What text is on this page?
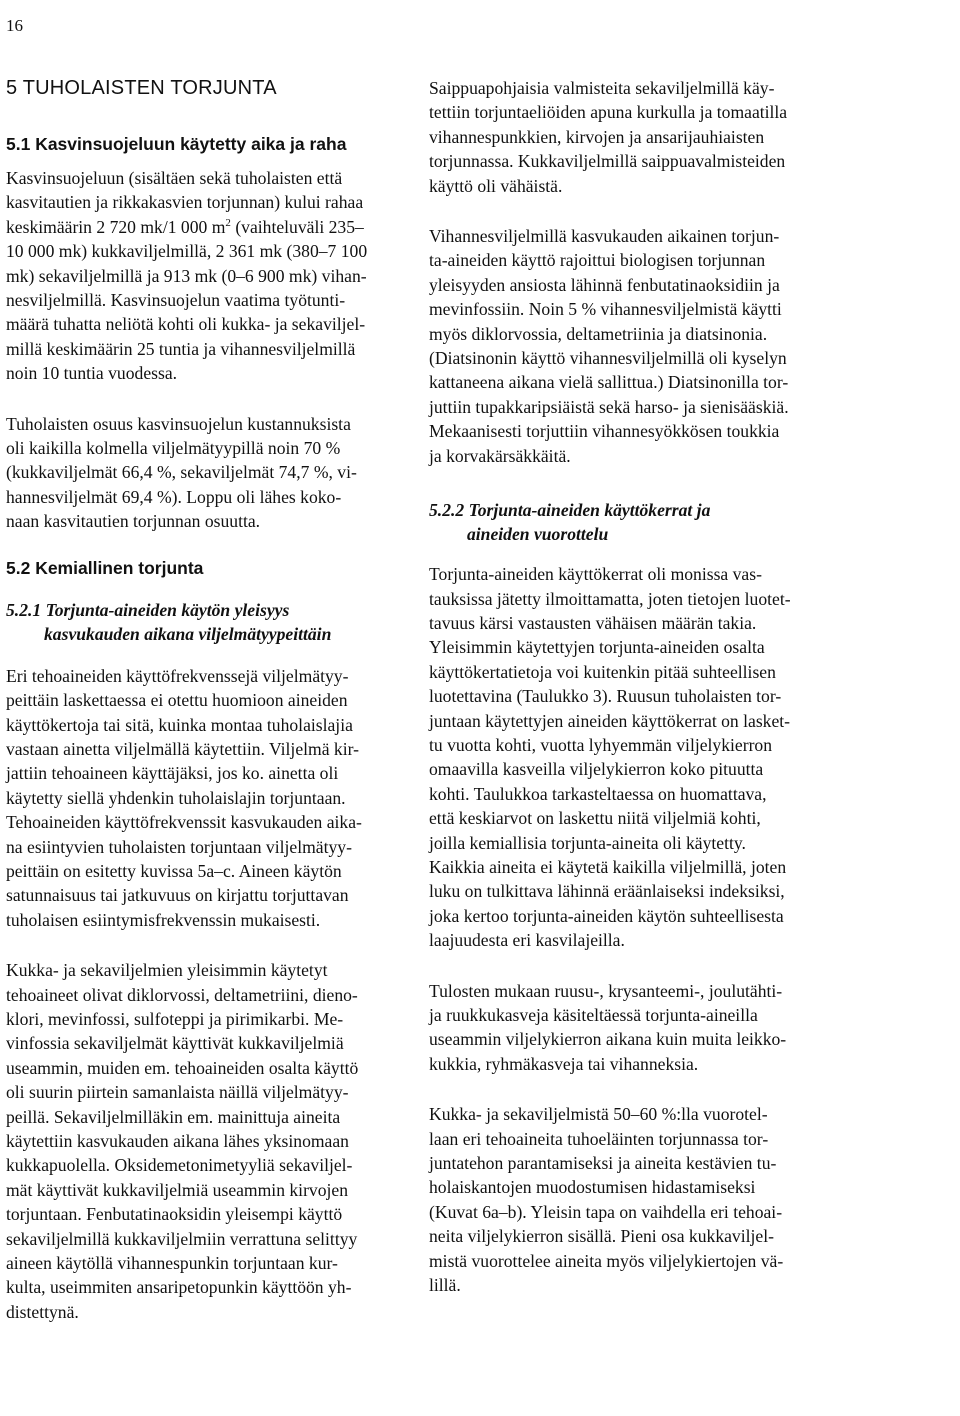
16
5 TUHOLAISTEN TORJUNTA
5.1 Kasvinsuojeluun käytetty aika ja raha
Kasvinsuojeluun (sisältäen sekä tuholaisten että
kasvitautien ja rikkakasvien torjunnan) kului rahaa
keskimäärin 2 720 mk/1 000 $m^2$ (vaihteluväli 235–
10 000 mk) kukkaviljelmillä, 2 361 mk (380–7 100
mk) sekaviljelmillä ja 913 mk (0–6 900 mk) vihan-
nesviljelmillä. Kasvinsuojelun vaatima työtunti-
määrä tuhatta neliötä kohti oli kukka- ja sekaviljel-
millä keskimäärin 25 tuntia ja vihannesviljelmillä
noin 10 tuntia vuodessa.
Tuholaisten osuus kasvinsuojelun kustannuksista
oli kaikilla kolmella viljelmätyypillä noin 70 %
(kukkaviljelmät 66,4 %, sekaviljelmät 74,7 %, vi-
hannesviljelmät 69,4 %). Loppu oli lähes koko-
naan kasvitautien torjunnan osuutta.
5.2 Kemiallinen torjunta
5.2.1 Torjunta-aineiden käytön yleisyys
kasvukauden aikana viljelmätyypeittäin
Eri tehoaineiden käyttöfrekvenssejä viljelmätyy-
peittäin laskettaessa ei otettu huomioon aineiden
käyttökertoja tai sitä, kuinka montaa tuholaislajia
vastaan ainetta viljelmällä käytettiin. Viljelmä kir-
jattiin tehoaineen käyttäjäksi, jos ko. ainetta oli
käytetty siellä yhdenkin tuholaislajin torjuntaan.
Tehoaineiden käyttöfrekvenssit kasvukauden aika-
na esiintyvien tuholaisten torjuntaan viljelmätyy-
peittäin on esitetty kuvissa 5a–c. Aineen käytön
satunnaisuus tai jatkuvuus on kirjattu torjuttavan
tuholaisen esiintymisfrekvenssin mukaisesti.
Kukka- ja sekaviljelmien yleisimmin käytetyt
tehoaineet olivat diklorvossi, deltametriini, dieno-
klori, mevinfossi, sulfoteppi ja pirimikarbi. Me-
vinfossia sekaviljelmät käyttivät kukkaviljelmiä
useammin, muiden em. tehoaineiden osalta käyttö
oli suurin piirtein samanlaista näillä viljelmätyy-
peillä. Sekaviljelmilläkin em. mainittuja aineita
käytettiin kasvukauden aikana lähes yksinomaan
kukkapuolella. Oksidemetonimetyyliä sekaviljel-
mät käyttivät kukkaviljelmiä useammin kirvojen
torjuntaan. Fenbutatinaoksidin yleisempi käyttö
sekaviljelmillä kukkaviljelmiin verrattuna selittyy
aineen käytöllä vihannespunkin torjuntaan kur-
kulta, useimmiten ansaripetopunkin käyttöön yh-
distettynä.
Saippuapohjaisia valmisteita sekaviljelmillä käy-
tettiin torjuntaeliöiden apuna kurkulla ja tomaatilla
vihannespunkkien, kirvojen ja ansarijauhiaisten
torjunnassa. Kukkaviljelmillä saippuavalmisteiden
käyttö oli vähäistä.
Vihannesviljelmillä kasvukauden aikainen torjun-
ta-aineiden käyttö rajoittui biologisen torjunnan
yleisyyden ansiosta lähinnä fenbutatinaoksidiin ja
mevinfossiin. Noin 5 % vihannesviljelmistä käytti
myös diklorvossia, deltametriinia ja diatsinonia.
(Diatsinonin käyttö vihannesviljelmillä oli kyselyn
kattaneena aikana vielä sallittua.) Diatsinonilla tor-
juttiin tupakkaripsiäistä sekä harso- ja sienisääskiä.
Mekaanisesti torjuttiin vihannesyökkösen toukkia
ja korvakärsäkkäitä.
5.2.2 Torjunta-aineiden käyttökerrat ja
aineiden vuorottelu
Torjunta-aineiden käyttökerrat oli monissa vas-
tauksissa jätetty ilmoittamatta, joten tietojen luotet-
tavuus kärsi vastausten vähäisen määrän takia.
Yleisimmin käytettyjen torjunta-aineiden osalta
käyttökertatietoja voi kuitenkin pitää suhteellisen
luotettavina (Taulukko 3). Ruusun tuholaisten tor-
juntaan käytettyjen aineiden käyttökerrat on lasket-
tu vuotta kohti, vuotta lyhyemmän viljelykierron
omaavilla kasveilla viljelykierron koko pituutta
kohti. Taulukkoa tarkasteltaessa on huomattava,
että keskiarvot on laskettu niitä viljelmiä kohti,
joilla kemiallisia torjunta-aineita oli käytetty.
Kaikkia aineita ei käytetä kaikilla viljelmillä, joten
luku on tulkittava lähinnä eräänlaiseksi indeksiksi,
joka kertoo torjunta-aineiden käytön suhteellisesta
laajuudesta eri kasvilajeilla.
Tulosten mukaan ruusu-, krysanteemi-, joulutähti-
ja ruukkukasveja käsiteltäessä torjunta-aineilla
useammin viljelykierron aikana kuin muita leikko-
kukkia, ryhmäkasveja tai vihanneksia.
Kukka- ja sekaviljelmistä 50–60 %:lla vuorotel-
laan eri tehoaineita tuhoeläinten torjunnassa tor-
juntatehon parantamiseksi ja aineita kestävien tu-
holaiskantojen muodostumisen hidastamiseksi
(Kuvat 6a–b). Yleisin tapa on vaihdella eri tehoai-
neita viljelykierron sisällä. Pieni osa kukkaviljel-
mistä vuorottelee aineita myös viljelykiertojen vä-
lillä.
